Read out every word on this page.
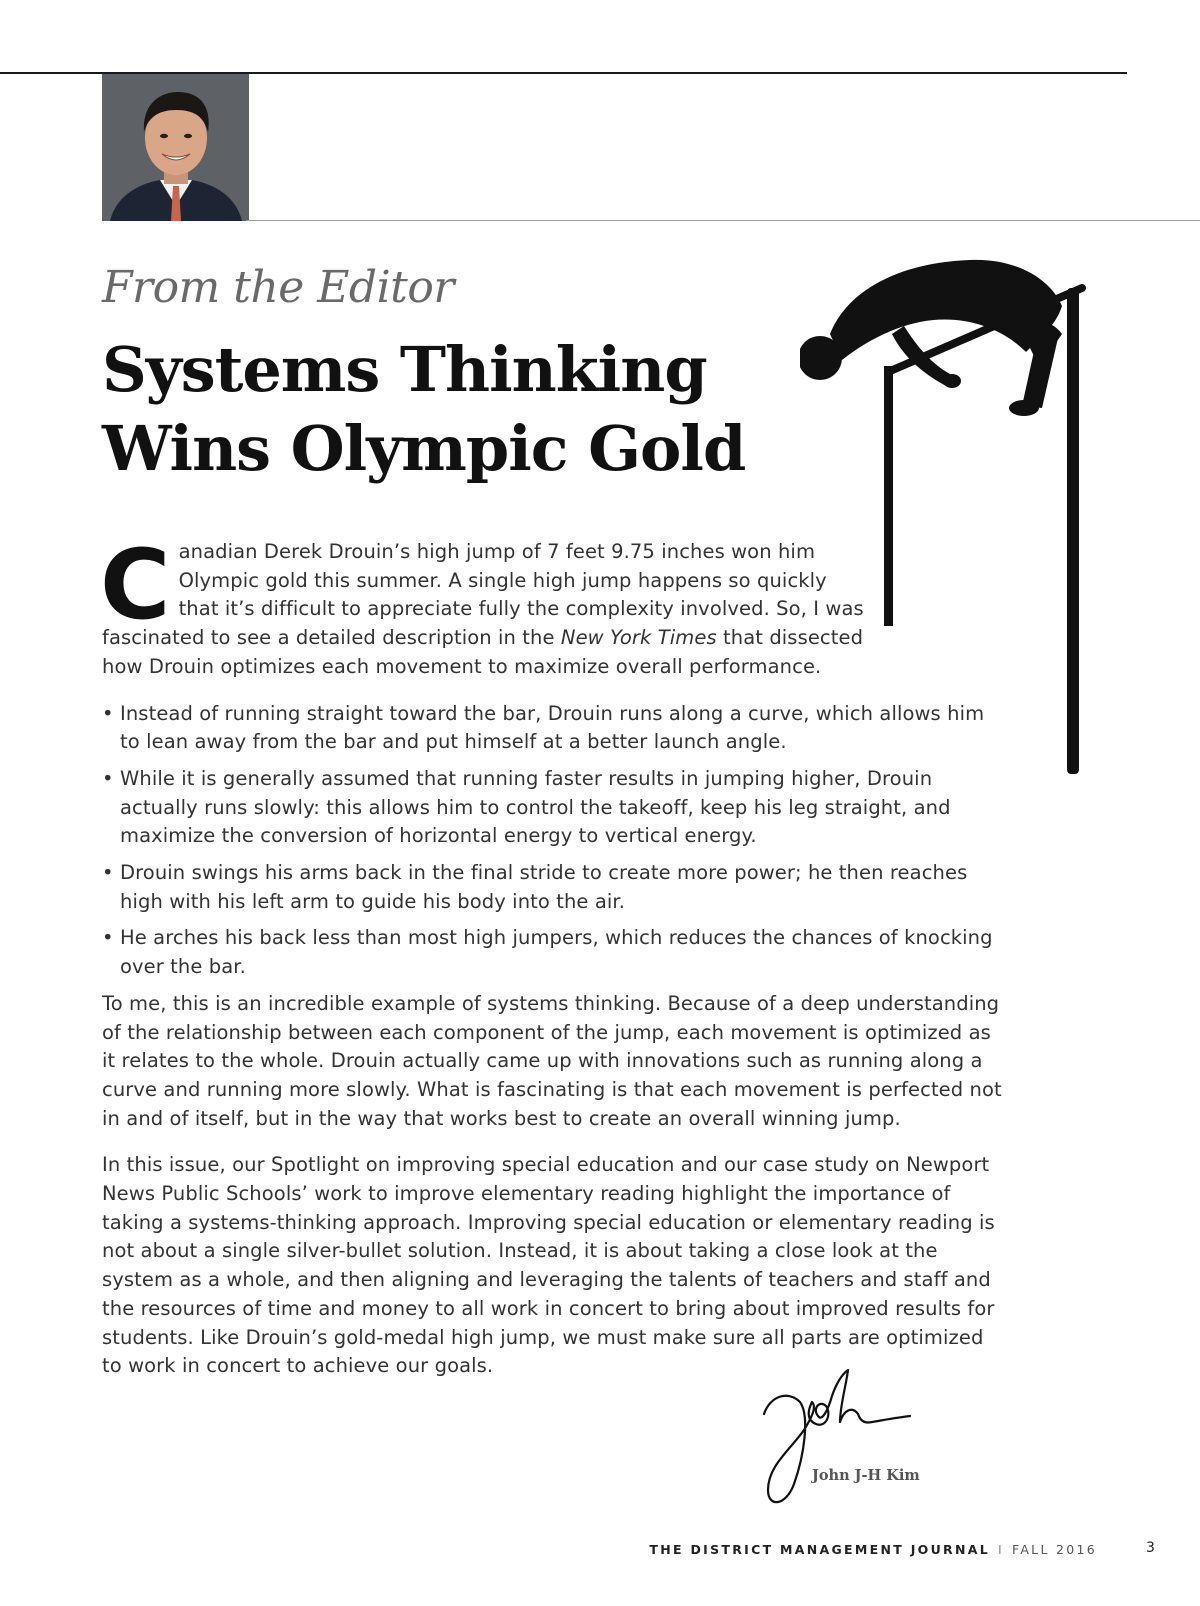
From the Editor
Systems Thinking
Wins Olympic Gold

Canadian Derek Drouin’s high jump of 7 feet 9.75 inches won him Olympic gold this summer. A single high jump happens so quickly that it’s difficult to appreciate fully the complexity involved. So, I was fascinated to see a detailed description in the New York Times that dissected how Drouin optimizes each movement to maximize overall performance.

• Instead of running straight toward the bar, Drouin runs along a curve, which allows him to lean away from the bar and put himself at a better launch angle.
• While it is generally assumed that running faster results in jumping higher, Drouin actually runs slowly: this allows him to control the takeoff, keep his leg straight, and maximize the conversion of horizontal energy to vertical energy.
• Drouin swings his arms back in the final stride to create more power; he then reaches high with his left arm to guide his body into the air.
• He arches his back less than most high jumpers, which reduces the chances of knocking over the bar.

To me, this is an incredible example of systems thinking. Because of a deep understanding of the relationship between each component of the jump, each movement is optimized as it relates to the whole. Drouin actually came up with innovations such as running along a curve and running more slowly. What is fascinating is that each movement is perfected not in and of itself, but in the way that works best to create an overall winning jump.

In this issue, our Spotlight on improving special education and our case study on Newport News Public Schools’ work to improve elementary reading highlight the importance of taking a systems-thinking approach. Improving special education or elementary reading is not about a single silver-bullet solution. Instead, it is about taking a close look at the system as a whole, and then aligning and leveraging the talents of teachers and staff and the resources of time and money to all work in concert to bring about improved results for students. Like Drouin’s gold-medal high jump, we must make sure all parts are optimized to work in concert to achieve our goals.

John J-H Kim

THE DISTRICT MANAGEMENT JOURNAL I FALL 2016	3
